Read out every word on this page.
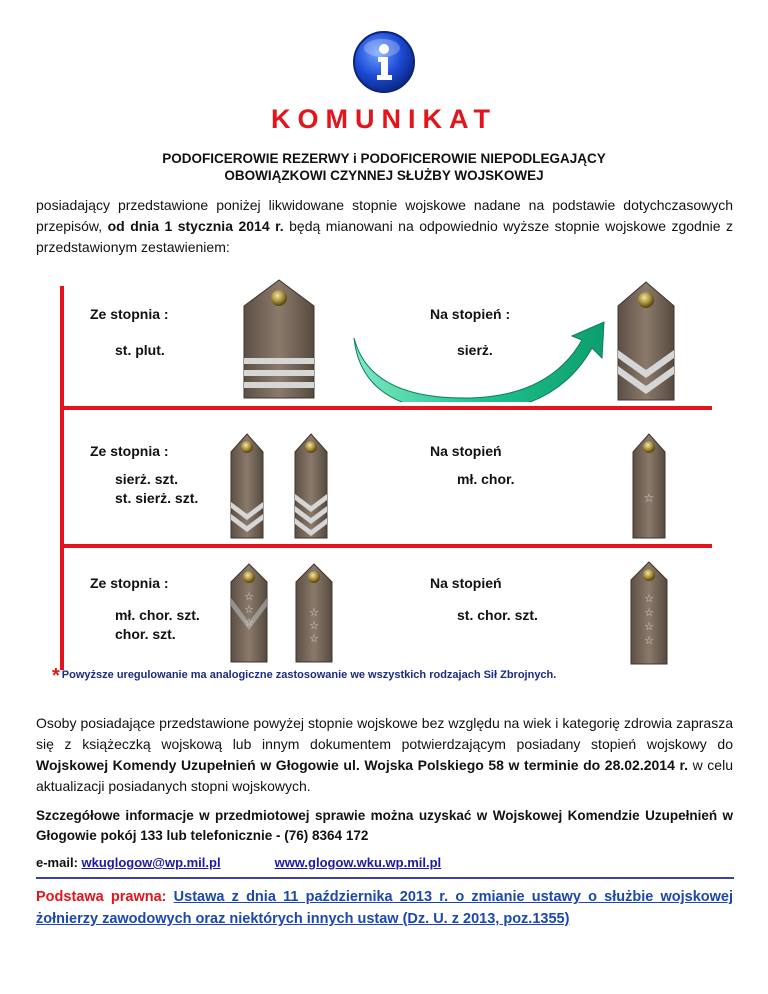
KOMUNIKAT
PODOFICEROWIE REZERWY i PODOFICEROWIE NIEPODLEGAJĄCY
OBOWIĄZKOWI CZYNNEJ SŁUŻBY WOJSKOWEJ
posiadający przedstawione poniżej likwidowane stopnie wojskowe nadane na podstawie dotychczasowych przepisów, od dnia 1 stycznia 2014 r. będą mianowani na odpowiednio wyższe stopnie wojskowe zgodnie z przedstawionym zestawieniem:
Ze stopnia :
st. plut.
Na stopień :
sierż.
Ze stopnia :
sierż. szt.
st. sierż. szt.
Na stopień
mł. chor.
Ze stopnia :
mł. chor. szt.
chor. szt.
Na stopień
st. chor. szt.
☆
☆
☆
☆
☆
☆
☆
☆
☆
☆
☆
* Powyższe uregulowanie ma analogiczne zastosowanie we wszystkich rodzajach Sił Zbrojnych.
Osoby posiadające przedstawione powyżej stopnie wojskowe bez względu na wiek i kategorię zdrowia zaprasza się z książeczką wojskową lub innym dokumentem potwierdzającym posiadany stopień wojskowy do Wojskowej Komendy Uzupełnień w Głogowie ul. Wojska Polskiego 58 w terminie do 28.02.2014 r. w celu aktualizacji posiadanych stopni wojskowych.
Szczegółowe informacje w przedmiotowej sprawie można uzyskać w Wojskowej Komendzie Uzupełnień w Głogowie pokój 133 lub telefonicznie - (76) 8364 172
e-mail: wkuglogow@wp.mil.pl	www.glogow.wku.wp.mil.pl
Podstawa prawna: Ustawa z dnia 11 października 2013 r. o zmianie ustawy o służbie wojskowej żołnierzy zawodowych oraz niektórych innych ustaw (Dz. U. z 2013, poz.1355)
